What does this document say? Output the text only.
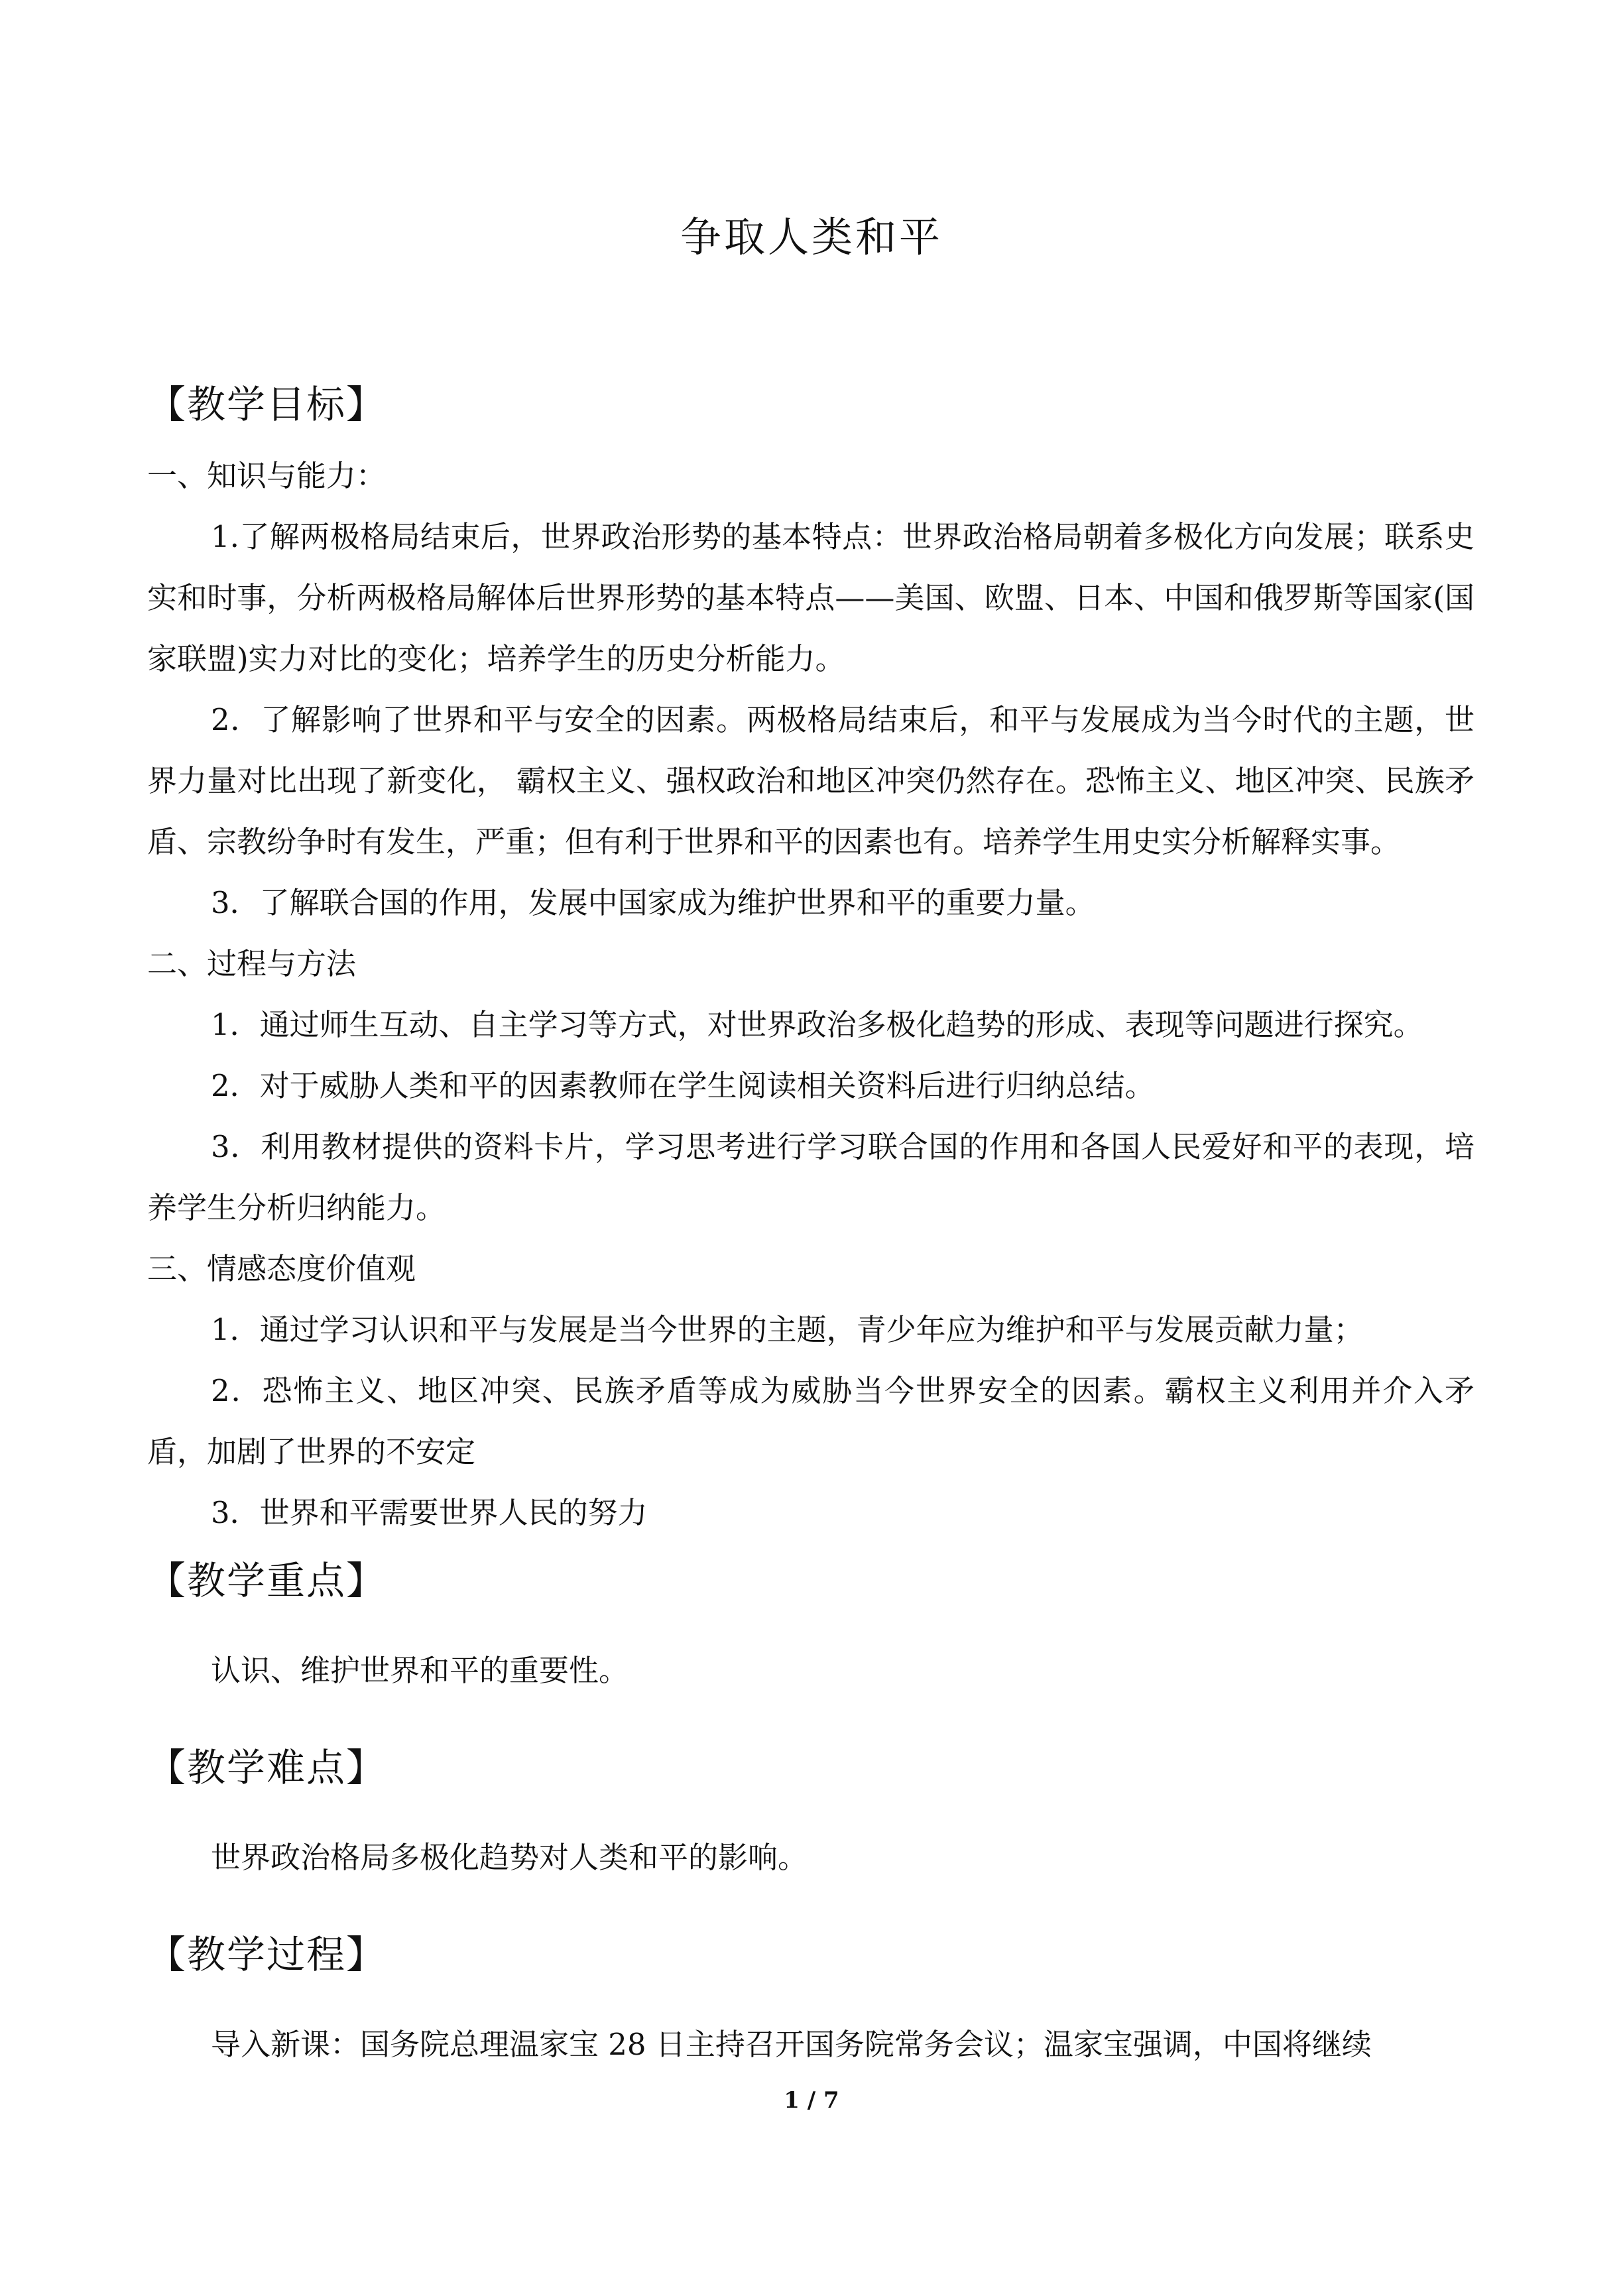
争取人类和平

【教学目标】

一、知识与能力：

1.了解两极格局结束后，世界政治形势的基本特点：世界政治格局朝着多极化方向发展；联系史实和时事，分析两极格局解体后世界形势的基本特点——美国、欧盟、日本、中国和俄罗斯等国家(国家联盟)实力对比的变化；培养学生的历史分析能力。

2．了解影响了世界和平与安全的因素。两极格局结束后，和平与发展成为当今时代的主题，世界力量对比出现了新变化， 霸权主义、强权政治和地区冲突仍然存在。恐怖主义、地区冲突、民族矛盾、宗教纷争时有发生，严重；但有利于世界和平的因素也有。培养学生用史实分析解释实事。

3．了解联合国的作用，发展中国家成为维护世界和平的重要力量。

二、过程与方法

1．通过师生互动、自主学习等方式，对世界政治多极化趋势的形成、表现等问题进行探究。

2．对于威胁人类和平的因素教师在学生阅读相关资料后进行归纳总结。

3．利用教材提供的资料卡片，学习思考进行学习联合国的作用和各国人民爱好和平的表现，培养学生分析归纳能力。

三、情感态度价值观

1．通过学习认识和平与发展是当今世界的主题，青少年应为维护和平与发展贡献力量；

2．恐怖主义、地区冲突、民族矛盾等成为威胁当今世界安全的因素。霸权主义利用并介入矛盾，加剧了世界的不安定

3．世界和平需要世界人民的努力

【教学重点】

认识、维护世界和平的重要性。

【教学难点】

世界政治格局多极化趋势对人类和平的影响。

【教学过程】

导入新课：国务院总理温家宝 28 日主持召开国务院常务会议；温家宝强调，中国将继续

1 / 7
